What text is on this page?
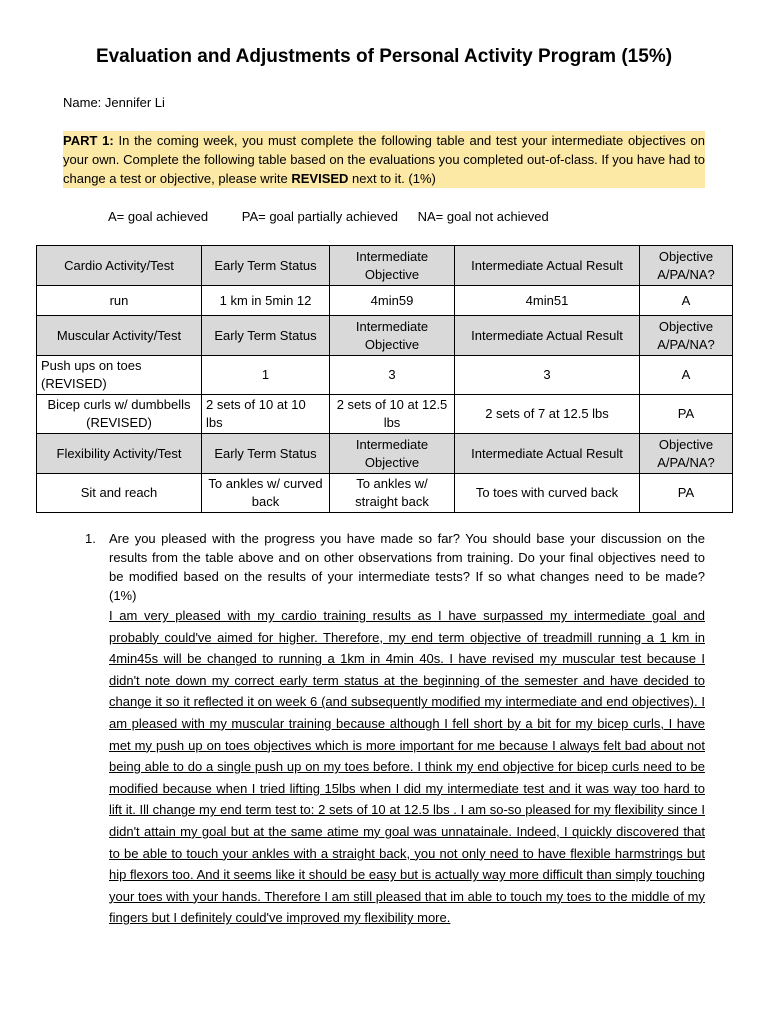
Evaluation and Adjustments of Personal Activity Program (15%)
Name: Jennifer Li
PART 1: In the coming week, you must complete the following table and test your intermediate objectives on your own. Complete the following table based on the evaluations you completed out-of-class. If you have had to change a test or objective, please write REVISED next to it. (1%)
A= goal achieved	PA= goal partially achieved NA= goal not achieved
Cardio Activity/Test	Early Term Status	Intermediate Objective	Intermediate Actual Result	Objective A/PA/NA?
run	1 km in 5min 12	4min59	4min51	A
Muscular Activity/Test	Early Term Status	Intermediate Objective	Intermediate Actual Result	Objective A/PA/NA?
Push ups on toes (REVISED)	1	3	3	A
Bicep curls w/ dumbbells (REVISED)	2 sets of 10 at 10 lbs	2 sets of 10 at 12.5 lbs	2 sets of 7 at 12.5 lbs	PA
Flexibility Activity/Test	Early Term Status	Intermediate Objective	Intermediate Actual Result	Objective A/PA/NA?
Sit and reach	To ankles w/ curved back	To ankles w/ straight back	To toes with curved back	PA
1. Are you pleased with the progress you have made so far? You should base your discussion on the results from the table above and on other observations from training. Do your final objectives need to be modified based on the results of your intermediate tests? If so what changes need to be made? (1%)
I am very pleased with my cardio training results as I have surpassed my intermediate goal and probably could've aimed for higher. Therefore, my end term objective of treadmill running a 1 km in 4min45s will be changed to running a 1km in 4min 40s. I have revised my muscular test because I didn't note down my correct early term status at the beginning of the semester and have decided to change it so it reflected it on week 6 (and subsequently modified my intermediate and end objectives). I am pleased with my muscular training because although I fell short by a bit for my bicep curls, I have met my push up on toes objectives which is more important for me because I always felt bad about not being able to do a single push up on my toes before. I think my end objective for bicep curls need to be modified because when I tried lifting 15lbs when I did my intermediate test and it was way too hard to lift it. Ill change my end term test to: 2 sets of 10 at 12.5 lbs . I am so-so pleased for my flexibility since I didn't attain my goal but at the same atime my goal was unnatainale. Indeed, I quickly discovered that to be able to touch your ankles with a straight back, you not only need to have flexible harmstrings but hip flexors too. And it seems like it should be easy but is actually way more difficult than simply touching your toes with your hands. Therefore I am still pleased that im able to touch my toes to the middle of my fingers but I definitely could've improved my flexibility more.
